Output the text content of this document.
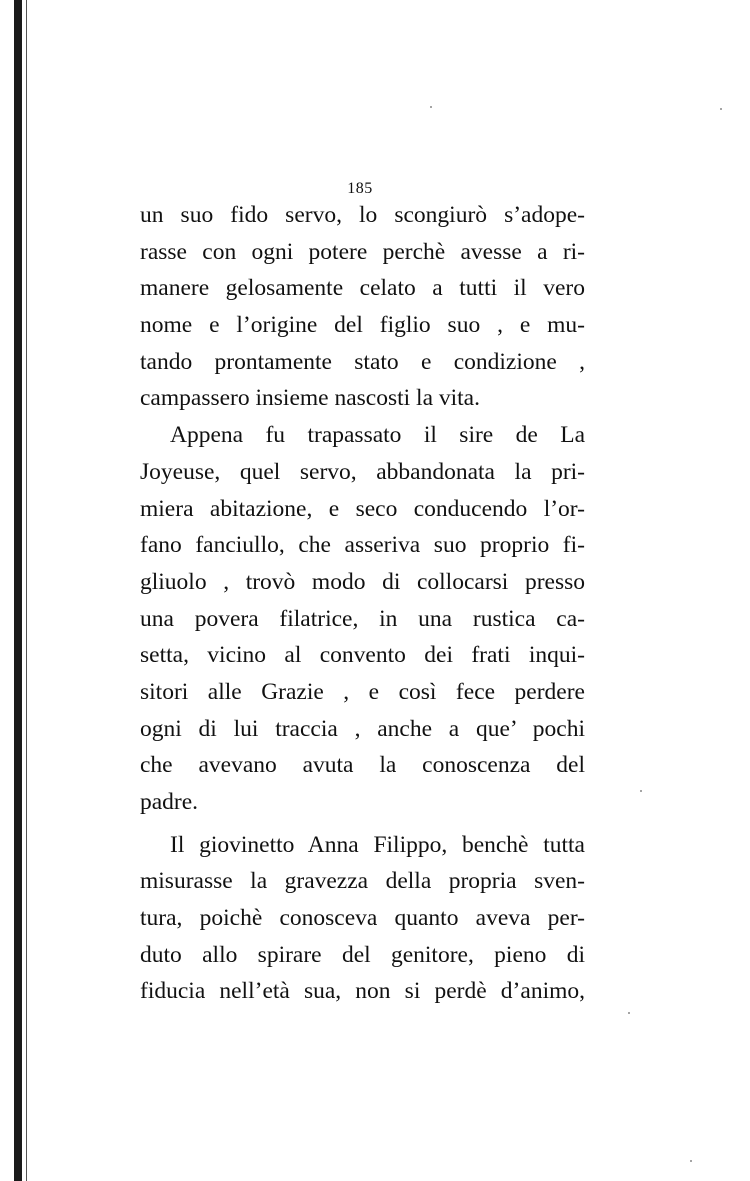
185
un suo fido servo, lo scongiurò s’adope-
rasse con ogni potere perchè avesse a ri-
manere gelosamente celato a tutti il vero
nome e l’origine del figlio suo , e mu-
tando prontamente stato e condizione ,
campassero insieme nascosti la vita.
Appena fu trapassato il sire de La
Joyeuse, quel servo, abbandonata la pri-
miera abitazione, e seco conducendo l’or-
fano fanciullo, che asseriva suo proprio fi-
gliuolo , trovò modo di collocarsi presso
una povera filatrice, in una rustica ca-
setta, vicino al convento dei frati inqui-
sitori alle Grazie , e così fece perdere
ogni di lui traccia , anche a que’ pochi
che avevano avuta la conoscenza del
padre.
Il giovinetto Anna Filippo, benchè tutta
misurasse la gravezza della propria sven-
tura, poichè conosceva quanto aveva per-
duto allo spirare del genitore, pieno di
fiducia nell’età sua, non si perdè d’animo,
